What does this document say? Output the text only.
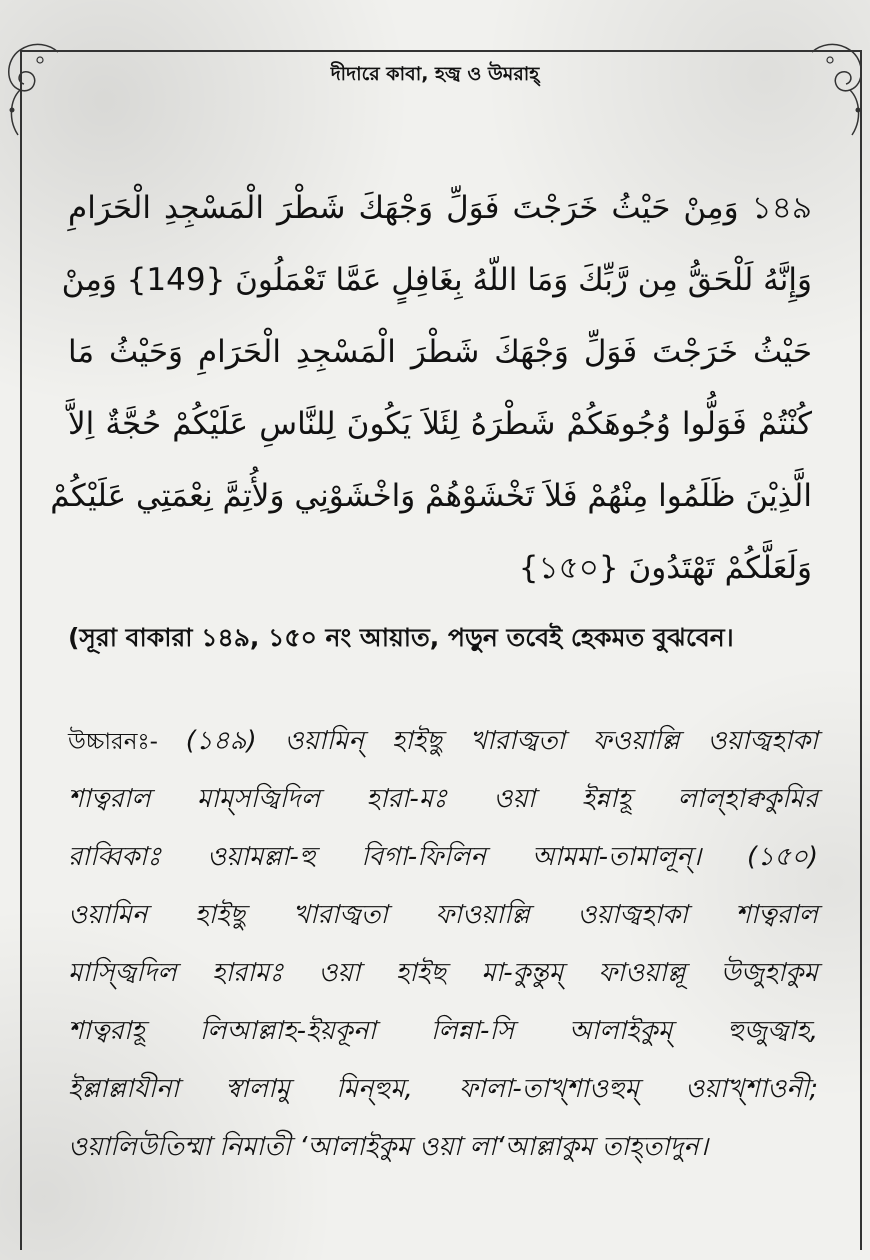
দীদারে কাবা, হজ্ব ও উমরাহ্
১৪৯ وَمِنْ حَيْثُ خَرَجْتَ فَوَلِّ وَجْهَكَ شَطْرَ الْمَسْجِدِ الْحَرَامِ
وَإِنَّهُ لَلْحَقُّ مِن رَّبِّكَ وَمَا اللّهُ بِغَافِلٍ عَمَّا تَعْمَلُونَ {149} وَمِنْ
حَيْثُ خَرَجْتَ فَوَلِّ وَجْهَكَ شَطْرَ الْمَسْجِدِ الْحَرَامِ وَحَيْثُ مَا
كُنْتُمْ فَوَلُّوا وُجُوهَكُمْ شَطْرَهُ لِئَلاَ يَكُونَ لِلنَّاسِ عَلَيْكُمْ حُجَّةٌ اِلاَّ
الَّذِيْنَ ظَلَمُوا مِنْهُمْ فَلاَ تَخْشَوْهُمْ وَاخْشَوْنِي وَلأُتِمَّ نِعْمَتِي عَلَيْكُمْ
وَلَعَلَّكُمْ تَهْتَدُونَ {১৫০}
(সূরা বাকারা ১৪৯, ১৫০ নং আয়াত, পড়ুন তবেই হেকমত বুঝবেন।
উচ্চারনঃ- (১৪৯) ওয়ামিন্ হাইছু খারাজ্বতা ফওয়াল্লি ওয়াজ্বহাকা
শাত্বরাল মাম্সজ্বিদিল হারা-মঃ ওয়া ইন্নাহূ লাল্হাক্বকুমির
রাব্বিকাঃ ওয়ামল্লা-হু বিগা-ফিলিন আমমা-তামালূন্। (১৫০)
ওয়ামিন হাইছু খারাজ্বতা ফাওয়াল্লি ওয়াজ্বহাকা শাত্বরাল
মাস্জ্বিদিল হারামঃ ওয়া হাইছ মা-কুন্তুম্ ফাওয়াল্লূ উজুহাকুম
শাত্বরাহূ লিআল্লাহ-ইয়কূনা লিন্না-সি আলাইকুম্ হুজুজ্বাহ,
ইল্লাল্লাযীনা স্বালামু মিন্হুম, ফালা-তাখ্শাওহুম্ ওয়াখ্শাওনী;
ওয়ালিউতিম্মা নিমাতী ‘আলাইকুম ওয়া লা‘আল্লাকুম তাহ্তাদুন।
